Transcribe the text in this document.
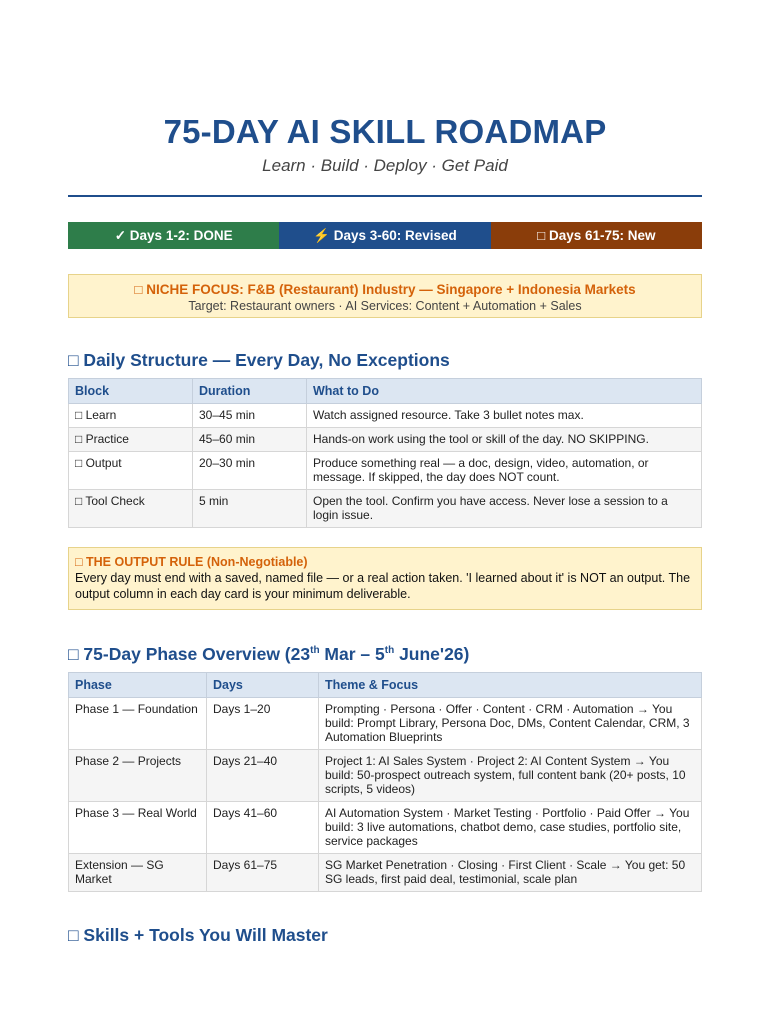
75-DAY AI SKILL ROADMAP
Learn · Build · Deploy · Get Paid
✓ Days 1-2: DONE	⚡ Days 3-60: Revised	□ Days 61-75: New
□ NICHE FOCUS: F&B (Restaurant) Industry — Singapore + Indonesia Markets
Target: Restaurant owners · AI Services: Content + Automation + Sales
□ Daily Structure — Every Day, No Exceptions
Block	Duration	What to Do
□ Learn	30–45 min	Watch assigned resource. Take 3 bullet notes max.
□ Practice	45–60 min	Hands-on work using the tool or skill of the day. NO SKIPPING.
□ Output	20–30 min	Produce something real — a doc, design, video, automation, or message. If skipped, the day does NOT count.
□ Tool Check	5 min	Open the tool. Confirm you have access. Never lose a session to a login issue.
□ THE OUTPUT RULE (Non-Negotiable)
Every day must end with a saved, named file — or a real action taken. 'I learned about it' is NOT an output. The output column in each day card is your minimum deliverable.
□ 75-Day Phase Overview (23th Mar – 5th June'26)
Phase	Days	Theme & Focus
Phase 1 — Foundation	Days 1–20	Prompting · Persona · Offer · Content · CRM · Automation → You build: Prompt Library, Persona Doc, DMs, Content Calendar, CRM, 3 Automation Blueprints
Phase 2 — Projects	Days 21–40	Project 1: AI Sales System · Project 2: AI Content System → You build: 50-prospect outreach system, full content bank (20+ posts, 10 scripts, 5 videos)
Phase 3 — Real World	Days 41–60	AI Automation System · Market Testing · Portfolio · Paid Offer → You build: 3 live automations, chatbot demo, case studies, portfolio site, service packages
Extension — SG Market	Days 61–75	SG Market Penetration · Closing · First Client · Scale → You get: 50 SG leads, first paid deal, testimonial, scale plan
□ Skills + Tools You Will Master
